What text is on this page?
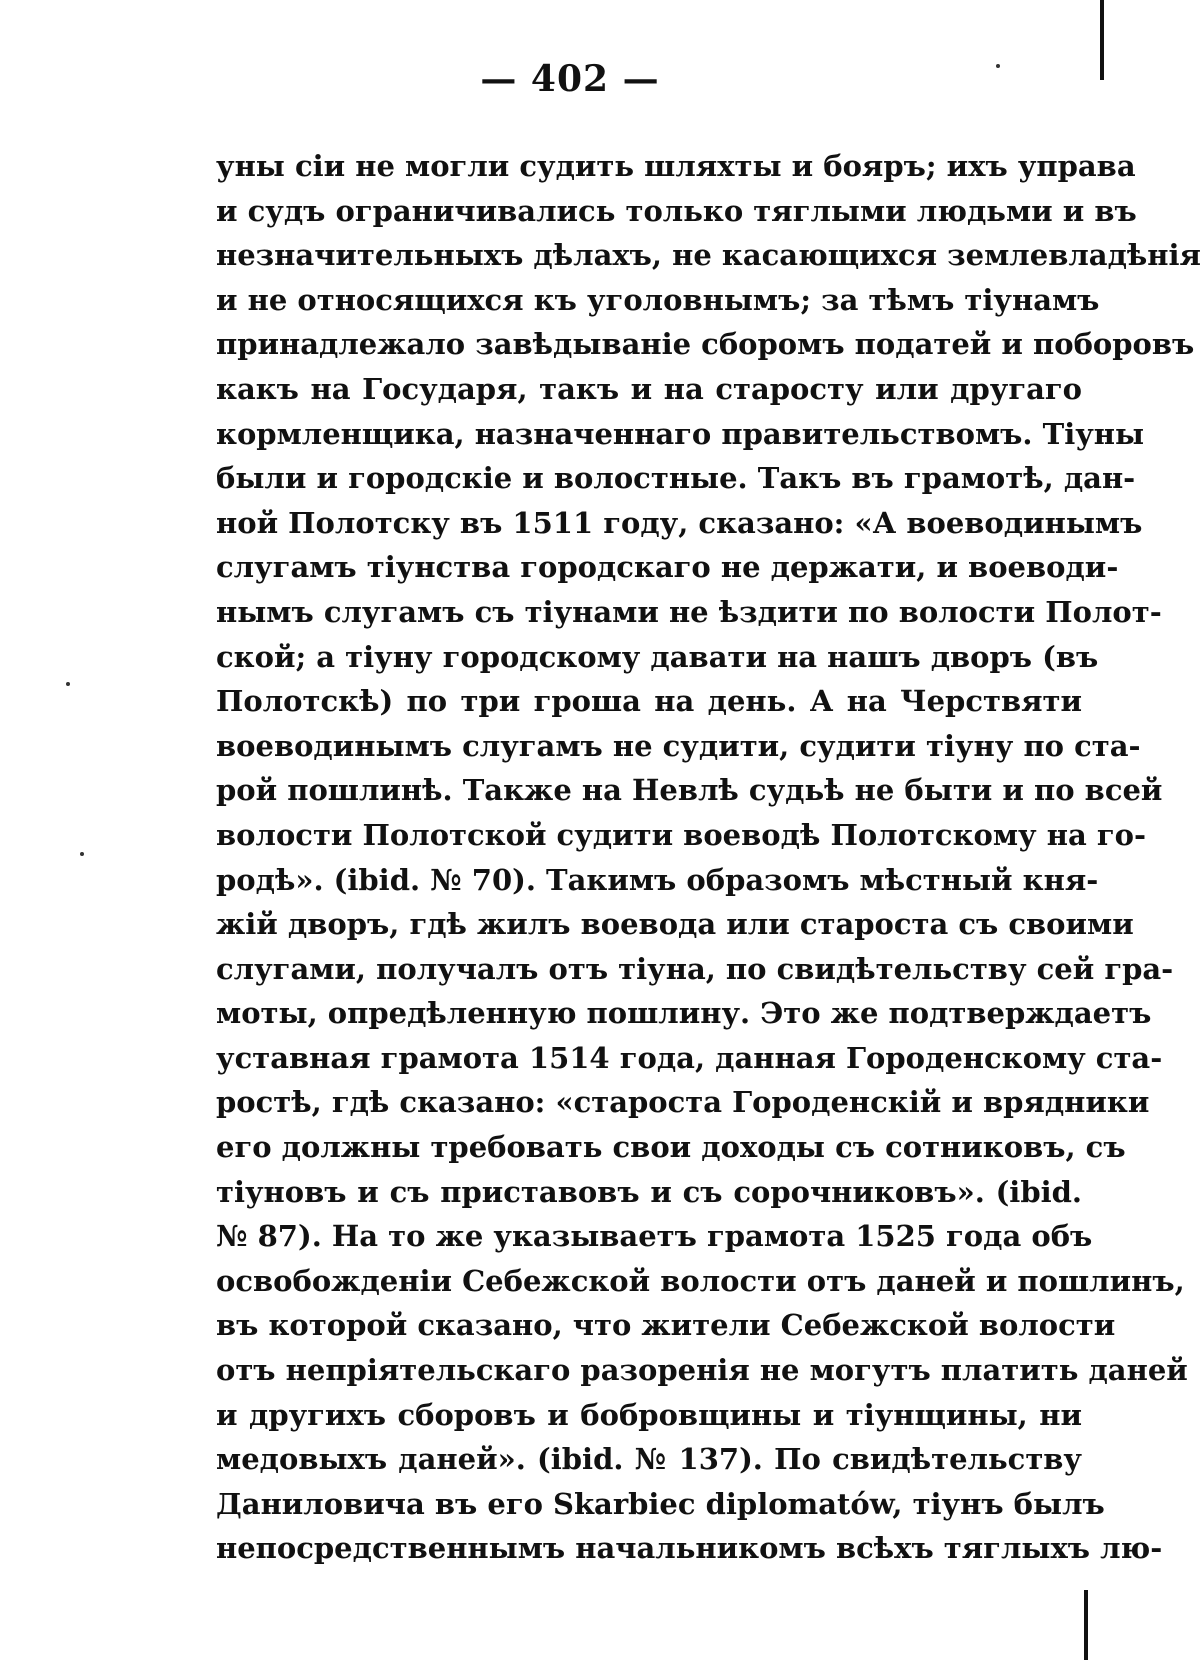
— 402 —
уны сіи не могли судить шляхты и бояръ; ихъ управа
и судъ ограничивались только тяглыми людьми и въ
незначительныхъ дѣлахъ, не касающихся землевладѣнія
и не относящихся къ уголовнымъ; за тѣмъ тіунамъ
принадлежало завѣдываніе сборомъ податей и поборовъ
какъ на Государя, такъ и на старосту или другаго
кормленщика, назначеннаго правительствомъ. Тіуны
были и городскіе и волостные. Такъ въ грамотѣ, дан-
ной Полотску въ 1511 году, сказано: «А воеводинымъ
слугамъ тіунства городскаго не держати, и воеводи-
нымъ слугамъ съ тіунами не ѣздити по волости Полот-
ской; а тіуну городскому давати на нашъ дворъ (въ
Полотскѣ) по три гроша на день. А на Черствяти
воеводинымъ слугамъ не судити, судити тіуну по ста-
рой пошлинѣ. Также на Невлѣ судьѣ не быти и по всей
волости Полотской судити воеводѣ Полотскому на го-
родѣ». (ibid. № 70). Такимъ образомъ мѣстный кня-
жій дворъ, гдѣ жилъ воевода или староста съ своими
слугами, получалъ отъ тіуна, по свидѣтельству сей гра-
моты, опредѣленную пошлину. Это же подтверждаетъ
уставная грамота 1514 года, данная Городенскому ста-
ростѣ, гдѣ сказано: «староста Городенскій и врядники
его должны требовать свои доходы съ сотниковъ, съ
тіуновъ и съ приставовъ и съ сорочниковъ». (ibid.
№ 87). На то же указываетъ грамота 1525 года объ
освобожденіи Себежской волости отъ даней и пошлинъ,
въ которой сказано, что жители Себежской волости
отъ непріятельскаго разоренія не могутъ платить даней
и другихъ сборовъ и бобровщины и тіунщины, ни
медовыхъ даней». (ibid. № 137). По свидѣтельству
Даниловича въ его Skarbiec diplomatów, тіунъ былъ
непосредственнымъ начальникомъ всѣхъ тяглыхъ лю-
